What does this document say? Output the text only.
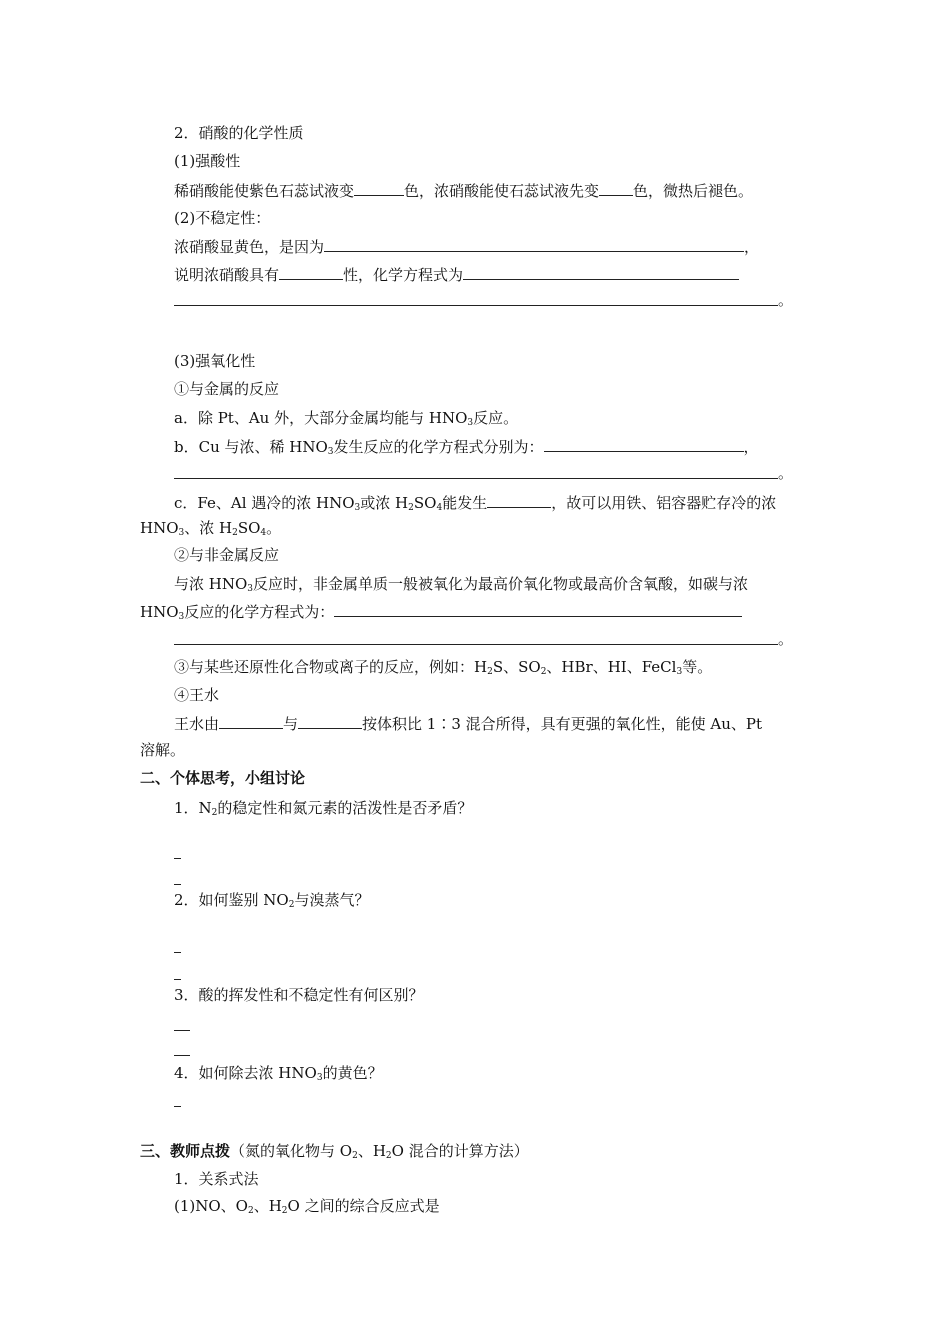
2．硝酸的化学性质
(1)强酸性
稀硝酸能使紫色石蕊试液变	色，浓硝酸能使石蕊试液先变 色，微热后褪色。
(2)不稳定性：
浓硝酸显黄色，是因为	，
说明浓硝酸具有	性，化学方程式为
。
(3)强氧化性
①与金属的反应
a．除 Pt、Au 外，大部分金属均能与 $HNO_3$反应。
b．Cu 与浓、稀 $HNO_3$发生反应的化学方程式分别为：	，
。
c．Fe、Al 遇冷的浓 $HNO_3$或浓 $H_2SO_4$能发生	，故可以用铁、铝容器贮存冷的浓
$HNO_3$、浓 $H_2SO_4$。
②与非金属反应
与浓 $HNO_3$反应时，非金属单质一般被氧化为最高价氧化物或最高价含氧酸，如碳与浓
$HNO_3$反应的化学方程式为：
。
③与某些还原性化合物或离子的反应，例如：$H_2S$、$SO_2$、HBr、HI、FeCl$_3$等。
④王水
王水由	与	按体积比 1∶3 混合所得，具有更强的氧化性，能使 Au、Pt
溶解。
二、个体思考，小组讨论
1．$N_2$的稳定性和氮元素的活泼性是否矛盾？
2．如何鉴别 $NO_2$与溴蒸气？
3．酸的挥发性和不稳定性有何区别？
4．如何除去浓 $HNO_3$的黄色？
三、教师点拨（氮的氧化物与 $O_2$、$H_2O$ 混合的计算方法）
1．关系式法
(1)NO、$O_2$、$H_2O$ 之间的综合反应式是
